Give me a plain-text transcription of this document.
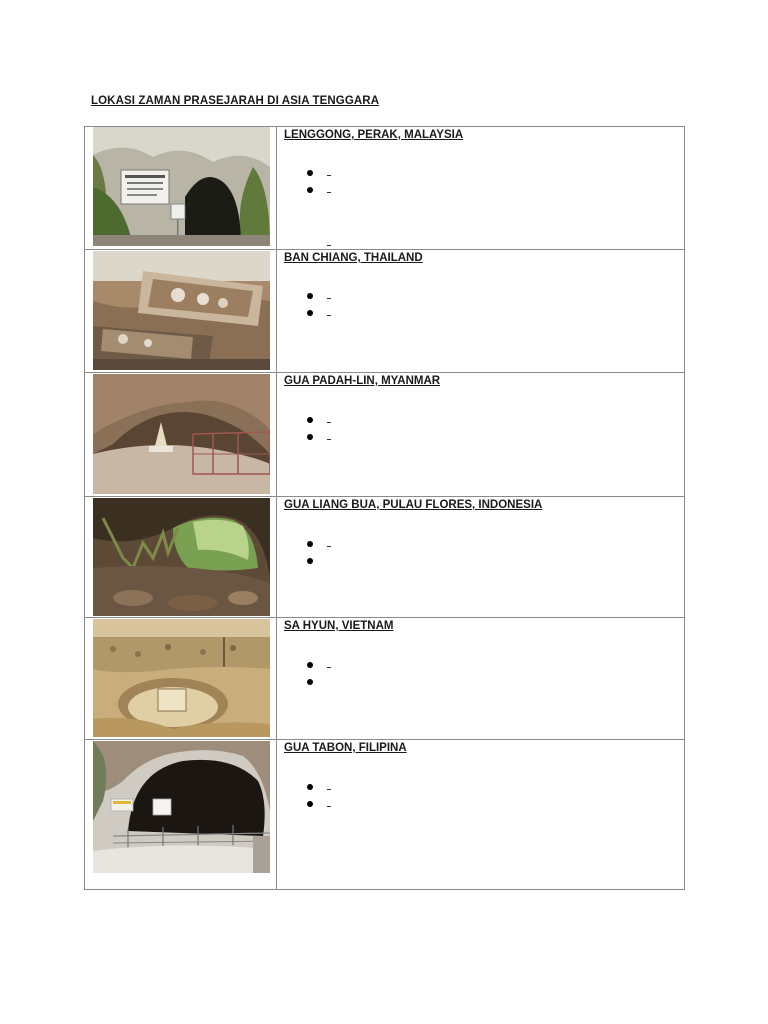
LOKASI ZAMAN PRASEJARAH DI ASIA TENGGARA
LENGGONG, PERAK, MALAYSIA
BAN CHIANG, THAILAND
GUA PADAH-LIN, MYANMAR
GUA LIANG BUA, PULAU FLORES, INDONESIA
SA HYUN, VIETNAM
GUA TABON, FILIPINA
